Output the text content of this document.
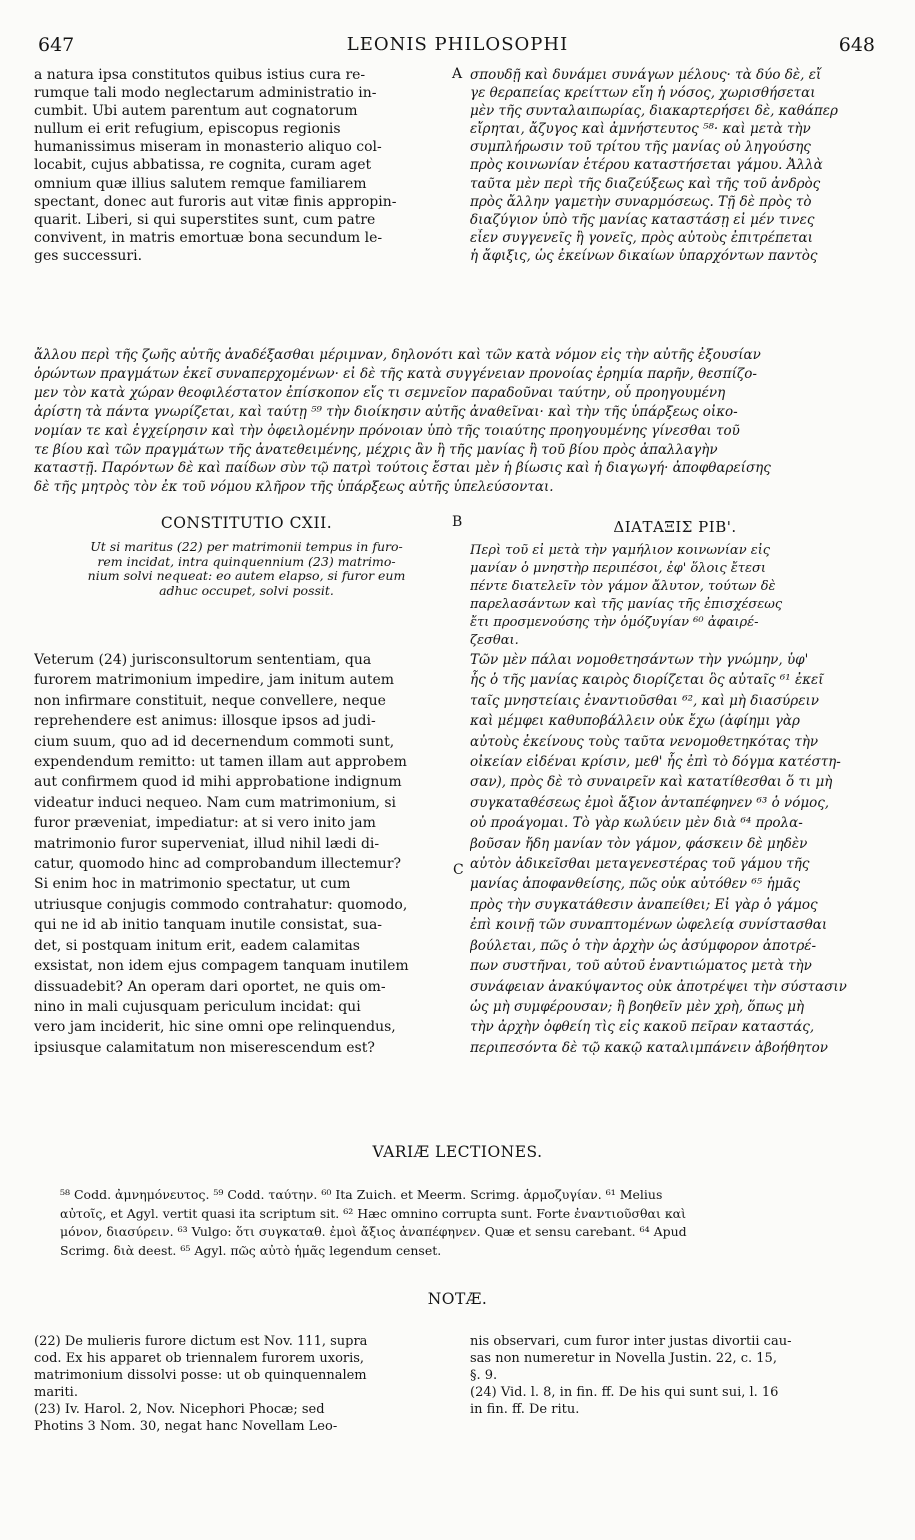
647	LEONIS PHILOSOPHI	648
a natura ipsa constitutos quibus istius cura re-
rumque tali modo neglectarum administratio in-
cumbit. Ubi autem parentum aut cognatorum
nullum ei erit refugium, episcopus regionis
humanissimus miseram in monasterio aliquo col-
locabit, cujus abbatissa, re cognita, curam aget
omnium quæ illius salutem remque familiarem
spectant, donec aut furoris aut vitæ finis appropin-
quarit. Liberi, si qui superstites sunt, cum patre
convivent, in matris emortuæ bona secundum le-
ges successuri.
A σπουδῇ καὶ δυνάμει συνάγων μέλους· τὰ δύο δὲ, εἴ
γε θεραπείας κρείττων εἴη ἡ νόσος, χωρισθήσεται
μὲν τῆς συνταλαιπωρίας, διακαρτερήσει δὲ, καθάπερ
εἴρηται, ἄζυγος καὶ ἀμνήστευτος ⁵⁸· καὶ μετὰ τὴν
συμπλήρωσιν τοῦ τρίτου τῆς μανίας οὐ ληγούσης
πρὸς κοινωνίαν ἑτέρου καταστήσεται γάμου. Ἀλλὰ
ταῦτα μὲν περὶ τῆς διαζεύξεως καὶ τῆς τοῦ ἀνδρὸς
πρὸς ἄλλην γαμετὴν συναρμόσεως. Τῇ δὲ πρὸς τὸ
διαζύγιον ὑπὸ τῆς μανίας καταστάσῃ εἰ μέν τινες
εἶεν συγγενεῖς ἢ γονεῖς, πρὸς αὐτοὺς ἐπιτρέπεται
ἡ ἄφιξις, ὡς ἐκείνων δικαίων ὑπαρχόντων παντὸς
ἄλλου περὶ τῆς ζωῆς αὐτῆς ἀναδέξασθαι μέριμναν, δηλονότι καὶ τῶν κατὰ νόμον εἰς τὴν αὐτῆς ἐξουσίαν
ὁρώντων πραγμάτων ἐκεῖ συναπερχομένων· εἰ δὲ τῆς κατὰ συγγένειαν προνοίας ἐρημία παρῆν, θεσπίζο-
μεν τὸν κατὰ χώραν θεοφιλέστατον ἐπίσκοπον εἴς τι σεμνεῖον παραδοῦναι ταύτην, οὗ προηγουμένη
ἀρίστη τὰ πάντα γνωρίζεται, καὶ ταύτῃ ⁵⁹ τὴν διοίκησιν αὐτῆς ἀναθεῖναι· καὶ τὴν τῆς ὑπάρξεως οἰκο-
νομίαν τε καὶ ἐγχείρησιν καὶ τὴν ὀφειλομένην πρόνοιαν ὑπὸ τῆς τοιαύτης προηγουμένης γίνεσθαι τοῦ
τε βίου καὶ τῶν πραγμάτων τῆς ἀνατεθειμένης, μέχρις ἂν ἢ τῆς μανίας ἢ τοῦ βίου πρὸς ἀπαλλαγὴν
καταστῇ. Παρόντων δὲ καὶ παίδων σὺν τῷ πατρὶ τούτοις ἔσται μὲν ἡ βίωσις καὶ ἡ διαγωγή· ἀποφθαρείσης
δὲ τῆς μητρὸς τὸν ἐκ τοῦ νόμου κλῆρον τῆς ὑπάρξεως αὐτῆς ὑπελεύσονται.
CONSTITUTIO CXII.	B	ΔΙΑΤΑΞΙΣ ΡΙΒ'.
Ut si maritus (22) per matrimonii tempus in furo-
rem incidat, intra quinquennium (23) matrimo-
nium solvi nequeat: eo autem elapso, si furor eum
adhuc occupet, solvi possit.
Περὶ τοῦ εἰ μετὰ τὴν γαμήλιον κοινωνίαν εἰς
μανίαν ὁ μνηστὴρ περιπέσοι, ἐφ' ὅλοις ἔτεσι
πέντε διατελεῖν τὸν γάμον ἄλυτον, τούτων δὲ
παρελασάντων καὶ τῆς μανίας τῆς ἐπισχέσεως
ἔτι προσμενούσης τὴν ὁμόζυγίαν ⁶⁰ ἀφαιρέ-
ζεσθαι.
Veterum (24) jurisconsultorum sententiam, qua
furorem matrimonium impedire, jam initum autem
non infirmare constituit, neque convellere, neque
reprehendere est animus: illosque ipsos ad judi-
cium suum, quo ad id decernendum commoti sunt,
expendendum remitto: ut tamen illam aut approbem
aut confirmem quod id mihi approbatione indignum
videatur induci nequeo. Nam cum matrimonium, si
furor præveniat, impediatur: at si vero inito jam
matrimonio furor superveniat, illud nihil lædi di-
catur, quomodo hinc ad comprobandum illectemur?
Si enim hoc in matrimonio spectatur, ut cum
utriusque conjugis commodo contrahatur: quomodo,
qui ne id ab initio tanquam inutile consistat, sua-
det, si postquam initum erit, eadem calamitas
exsistat, non idem ejus compagem tanquam inutilem
dissuadebit? An operam dari oportet, ne quis om-
nino in mali cujusquam periculum incidat: qui
vero jam inciderit, hic sine omni ope relinquendus,
ipsiusque calamitatum non miserescendum est?
C
Τῶν μὲν πάλαι νομοθετησάντων τὴν γνώμην, ὑφ'
ἧς ὁ τῆς μανίας καιρὸς διορίζεται ὃς αὐταῖς ⁶¹ ἐκεῖ
ταῖς μνηστείαις ἐναντιοῦσθαι ⁶², καὶ μὴ διασύρειν
καὶ μέμφει καθυποβάλλειν οὐκ ἔχω (ἀφίημι γὰρ
αὐτοὺς ἐκείνους τοὺς ταῦτα νενομοθετηκότας τὴν
οἰκείαν εἰδέναι κρίσιν, μεθ' ἧς ἐπὶ τὸ δόγμα κατέστη-
σαν), πρὸς δὲ τὸ συναιρεῖν καὶ κατατίθεσθαι ὅ τι μὴ
συγκαταθέσεως ἐμοὶ ἄξιον ἀνταπέφηνεν ⁶³ ὁ νόμος,
οὐ προάγομαι. Τὸ γὰρ κωλύειν μὲν διὰ ⁶⁴ προλα-
βοῦσαν ἤδη μανίαν τὸν γάμον, φάσκειν δὲ μηδὲν
αὐτὸν ἀδικεῖσθαι μεταγενεστέρας τοῦ γάμου τῆς
μανίας ἀποφανθείσης, πῶς οὐκ αὐτόθεν ⁶⁵ ἡμᾶς
πρὸς τὴν συγκατάθεσιν ἀναπείθει; Εἰ γὰρ ὁ γάμος
ἐπὶ κοινῇ τῶν συναπτομένων ὠφελείᾳ συνίστασθαι
βούλεται, πῶς ὁ τὴν ἀρχὴν ὡς ἀσύμφορον ἀποτρέ-
πων συστῆναι, τοῦ αὐτοῦ ἐναντιώματος μετὰ τὴν
συνάφειαν ἀνακύψαντος οὐκ ἀποτρέψει τὴν σύστασιν
ὡς μὴ συμφέρουσαν; ἢ βοηθεῖν μὲν χρὴ, ὅπως μὴ
τὴν ἀρχὴν ὀφθείη τὶς εἰς κακοῦ πεῖραν καταστάς,
περιπεσόντα δὲ τῷ κακῷ καταλιμπάνειν ἀβοήθητον
VARIÆ LECTIONES.
⁵⁸ Codd. ἀμνημόνευτος. ⁵⁹ Codd. ταύτην. ⁶⁰ Ita Zuich. et Meerm. Scrimg. ἁρμοζυγίαν. ⁶¹ Melius
αὐτοῖς, et Agyl. vertit quasi ita scriptum sit. ⁶² Hæc omnino corrupta sunt. Forte ἐναντιοῦσθαι καὶ
μόνον, διασύρειν. ⁶³ Vulgo: ὅτι συγκαταθ. ἐμοὶ ἄξιος ἀναπέφηνεν. Quæ et sensu carebant. ⁶⁴ Apud
Scrimg. διὰ deest. ⁶⁵ Agyl. πῶς αὐτὸ ἡμᾶς legendum censet.
NOTÆ.
(22) De mulieris furore dictum est Nov. 111, supra
cod. Ex his apparet ob triennalem furorem uxoris,
matrimonium dissolvi posse: ut ob quinquennalem
mariti.
(23) Iv. Harol. 2, Nov. Nicephori Phocæ; sed
Photins 3 Nom. 30, negat hanc Novellam Leo-
nis observari, cum furor inter justas divortii cau-
sas non numeretur in Novella Justin. 22, c. 15,
§. 9.
(24) Vid. l. 8, in fin. ff. De his qui sunt sui, l. 16
in fin. ff. De ritu.
